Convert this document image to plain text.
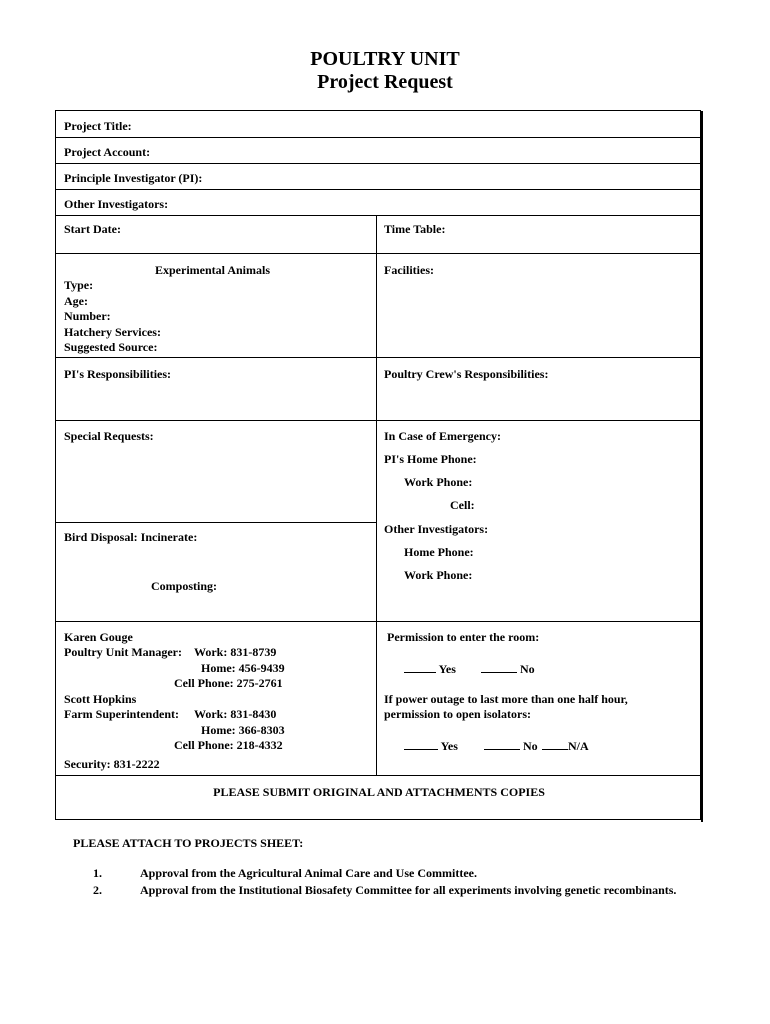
POULTRY UNIT
Project Request
Project Title:
Project Account:
Principle Investigator (PI):
Other Investigators:
Start Date:	Time Table:
Experimental Animals
Type:
Age:
Number:
Hatchery Services:
Suggested Source:
Facilities:
PI's Responsibilities:	Poultry Crew's Responsibilities:
Special Requests:
Bird Disposal: Incinerate:
Composting:
In Case of Emergency:
PI's Home Phone:
Work Phone:
Cell:
Other Investigators:
Home Phone:
Work Phone:
Karen Gouge
Poultry Unit Manager: Work: 831-8739
Home: 456-9439
Cell Phone: 275-2761
Scott Hopkins
Farm Superintendent: Work: 831-8430
Home: 366-8303
Cell Phone: 218-4332
Security: 831-2222
Permission to enter the room:
Yes	No
If power outage to last more than one half hour,
permission to open isolators:
Yes	No	N/A
PLEASE SUBMIT ORIGINAL AND ATTACHMENTS COPIES
PLEASE ATTACH TO PROJECTS SHEET:
1.	Approval from the Agricultural Animal Care and Use Committee.
2.	Approval from the Institutional Biosafety Committee for all experiments involving genetic recombinants.
